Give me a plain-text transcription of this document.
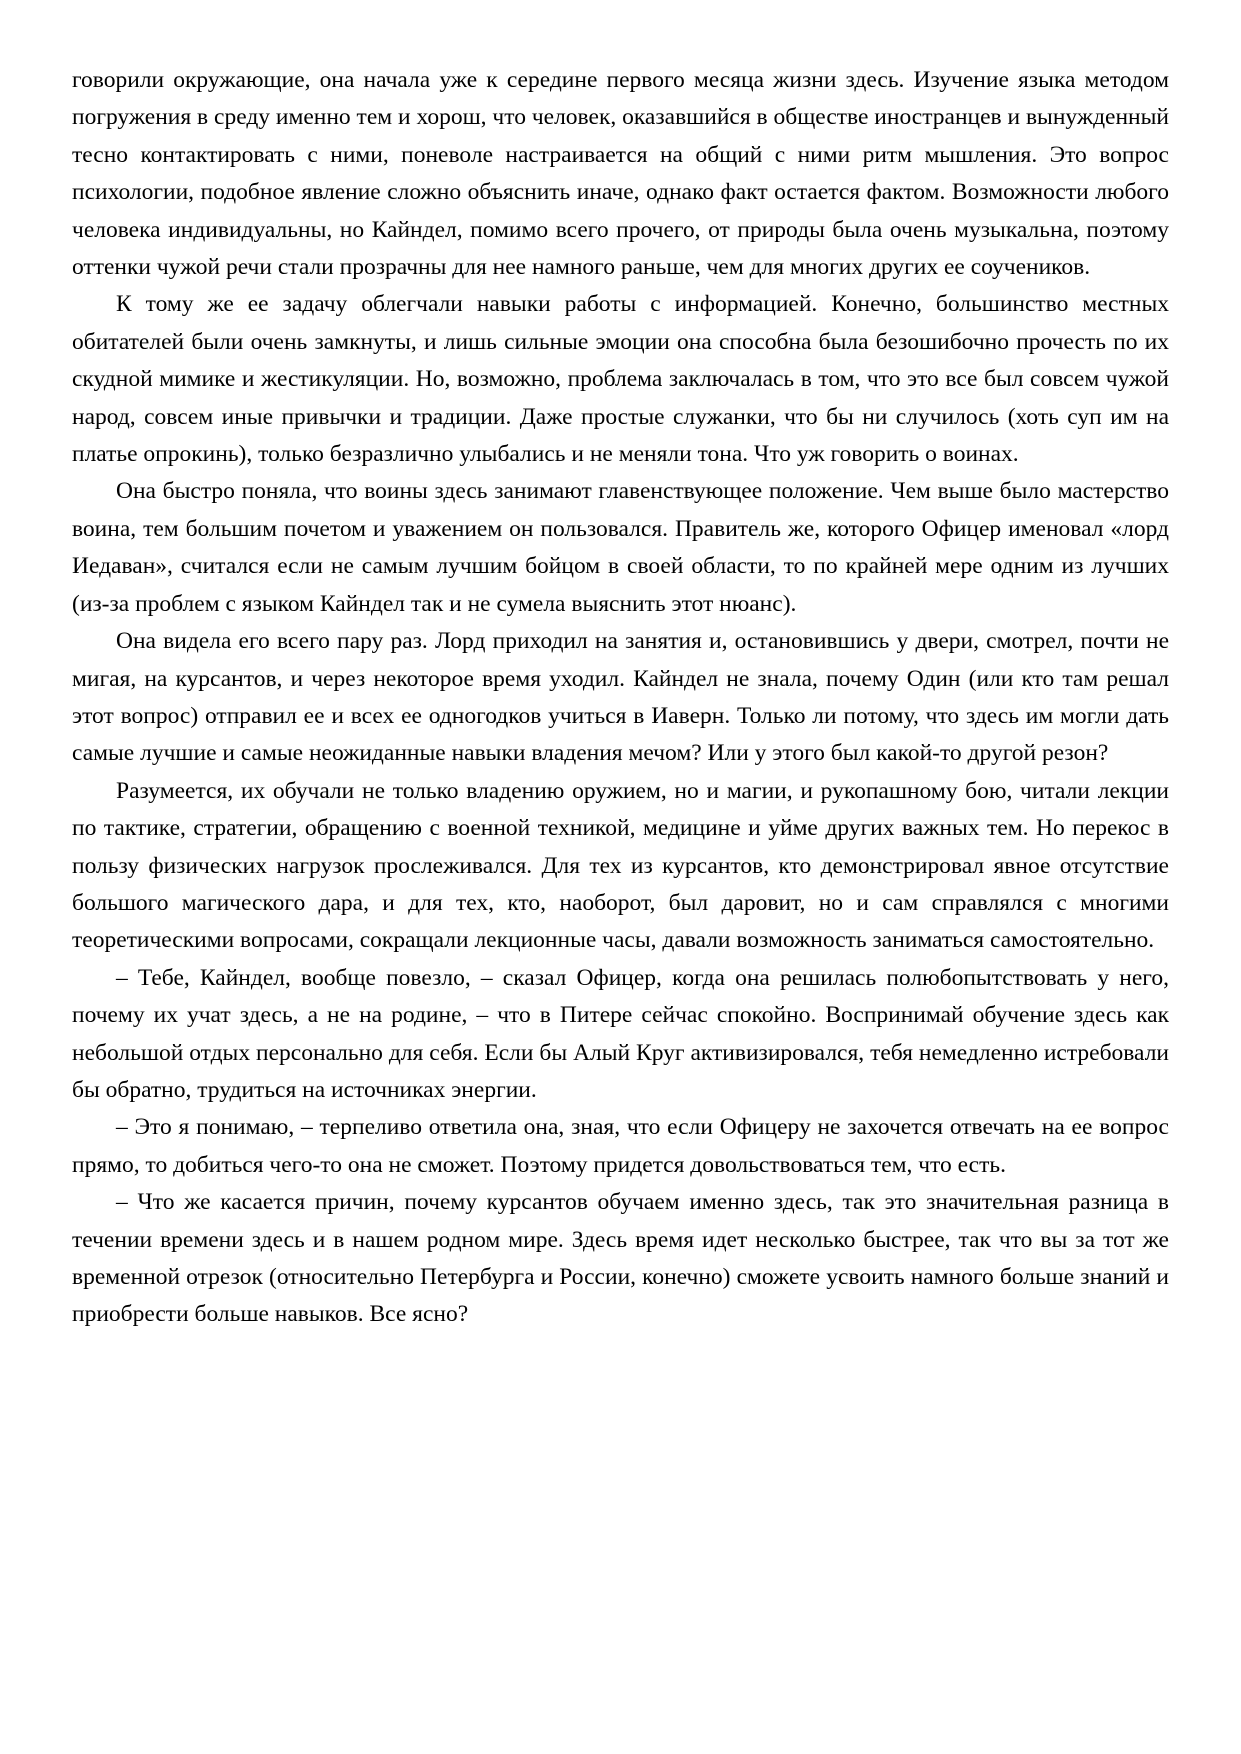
говорили окружающие, она начала уже к середине первого месяца жизни здесь. Изучение языка методом погружения в среду именно тем и хорош, что человек, оказавшийся в обществе иностранцев и вынужденный тесно контактировать с ними, поневоле настраивается на общий с ними ритм мышления. Это вопрос психологии, подобное явление сложно объяснить иначе, однако факт остается фактом. Возможности любого человека индивидуальны, но Кайндел, помимо всего прочего, от природы была очень музыкальна, поэтому оттенки чужой речи стали прозрачны для нее намного раньше, чем для многих других ее соучеников.

К тому же ее задачу облегчали навыки работы с информацией. Конечно, большинство местных обитателей были очень замкнуты, и лишь сильные эмоции она способна была безошибочно прочесть по их скудной мимике и жестикуляции. Но, возможно, проблема заключалась в том, что это все был совсем чужой народ, совсем иные привычки и традиции. Даже простые служанки, что бы ни случилось (хоть суп им на платье опрокинь), только безразлично улыбались и не меняли тона. Что уж говорить о воинах.

Она быстро поняла, что воины здесь занимают главенствующее положение. Чем выше было мастерство воина, тем большим почетом и уважением он пользовался. Правитель же, которого Офицер именовал «лорд Иедаван», считался если не самым лучшим бойцом в своей области, то по крайней мере одним из лучших (из-за проблем с языком Кайндел так и не сумела выяснить этот нюанс).

Она видела его всего пару раз. Лорд приходил на занятия и, остановившись у двери, смотрел, почти не мигая, на курсантов, и через некоторое время уходил. Кайндел не знала, почему Один (или кто там решал этот вопрос) отправил ее и всех ее одногодков учиться в Иаверн. Только ли потому, что здесь им могли дать самые лучшие и самые неожиданные навыки владения мечом? Или у этого был какой-то другой резон?

Разумеется, их обучали не только владению оружием, но и магии, и рукопашному бою, читали лекции по тактике, стратегии, обращению с военной техникой, медицине и уйме других важных тем. Но перекос в пользу физических нагрузок прослеживался. Для тех из курсантов, кто демонстрировал явное отсутствие большого магического дара, и для тех, кто, наоборот, был даровит, но и сам справлялся с многими теоретическими вопросами, сокращали лекционные часы, давали возможность заниматься самостоятельно.

– Тебе, Кайндел, вообще повезло, – сказал Офицер, когда она решилась полюбопытствовать у него, почему их учат здесь, а не на родине, – что в Питере сейчас спокойно. Воспринимай обучение здесь как небольшой отдых персонально для себя. Если бы Алый Круг активизировался, тебя немедленно истребовали бы обратно, трудиться на источниках энергии.

– Это я понимаю, – терпеливо ответила она, зная, что если Офицеру не захочется отвечать на ее вопрос прямо, то добиться чего-то она не сможет. Поэтому придется довольствоваться тем, что есть.

– Что же касается причин, почему курсантов обучаем именно здесь, так это значительная разница в течении времени здесь и в нашем родном мире. Здесь время идет несколько быстрее, так что вы за тот же временной отрезок (относительно Петербурга и России, конечно) сможете усвоить намного больше знаний и приобрести больше навыков. Все ясно?
